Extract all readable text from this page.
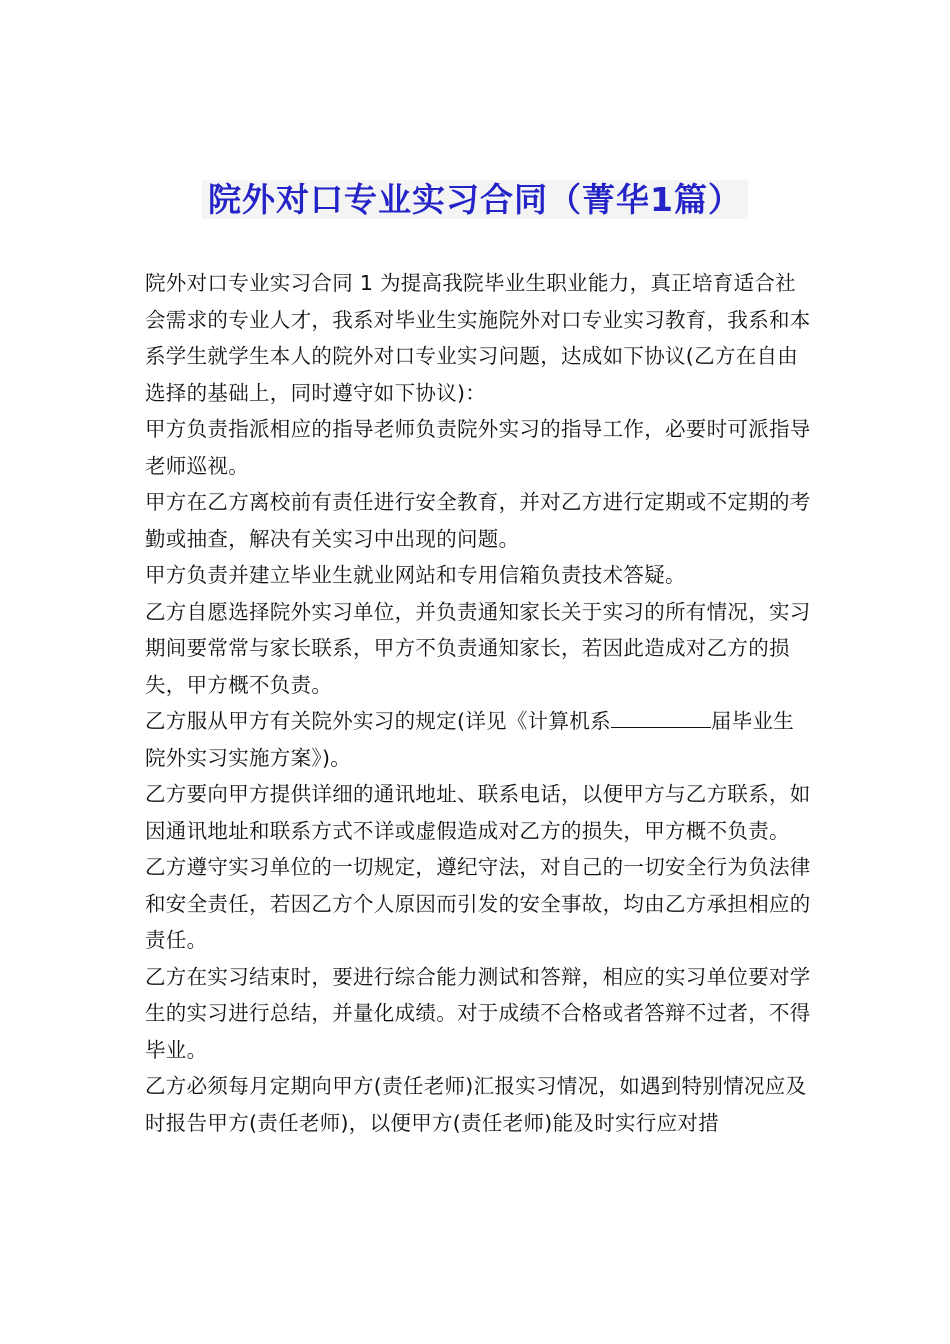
院外对口专业实习合同（菁华1篇）

院外对口专业实习合同 1 为提高我院毕业生职业能力，真正培育适合社会需求的专业人才，我系对毕业生实施院外对口专业实习教育，我系和本系学生就学生本人的院外对口专业实习问题，达成如下协议(乙方在自由选择的基础上，同时遵守如下协议)：

甲方负责指派相应的指导老师负责院外实习的指导工作，必要时可派指导老师巡视。

甲方在乙方离校前有责任进行安全教育，并对乙方进行定期或不定期的考勤或抽查，解决有关实习中出现的问题。

甲方负责并建立毕业生就业网站和专用信箱负责技术答疑。

乙方自愿选择院外实习单位，并负责通知家长关于实习的所有情况，实习期间要常常与家长联系，甲方不负责通知家长，若因此造成对乙方的损失，甲方概不负责。

乙方服从甲方有关院外实习的规定(详见《计算机系	届毕业生院外实习实施方案》)。

乙方要向甲方提供详细的通讯地址、联系电话，以便甲方与乙方联系，如因通讯地址和联系方式不详或虚假造成对乙方的损失，甲方概不负责。

乙方遵守实习单位的一切规定，遵纪守法，对自己的一切安全行为负法律和安全责任，若因乙方个人原因而引发的安全事故，均由乙方承担相应的责任。

乙方在实习结束时，要进行综合能力测试和答辩，相应的实习单位要对学生的实习进行总结，并量化成绩。对于成绩不合格或者答辩不过者，不得毕业。

乙方必须每月定期向甲方(责任老师)汇报实习情况，如遇到特别情况应及时报告甲方(责任老师)，以便甲方(责任老师)能及时实行应对措
